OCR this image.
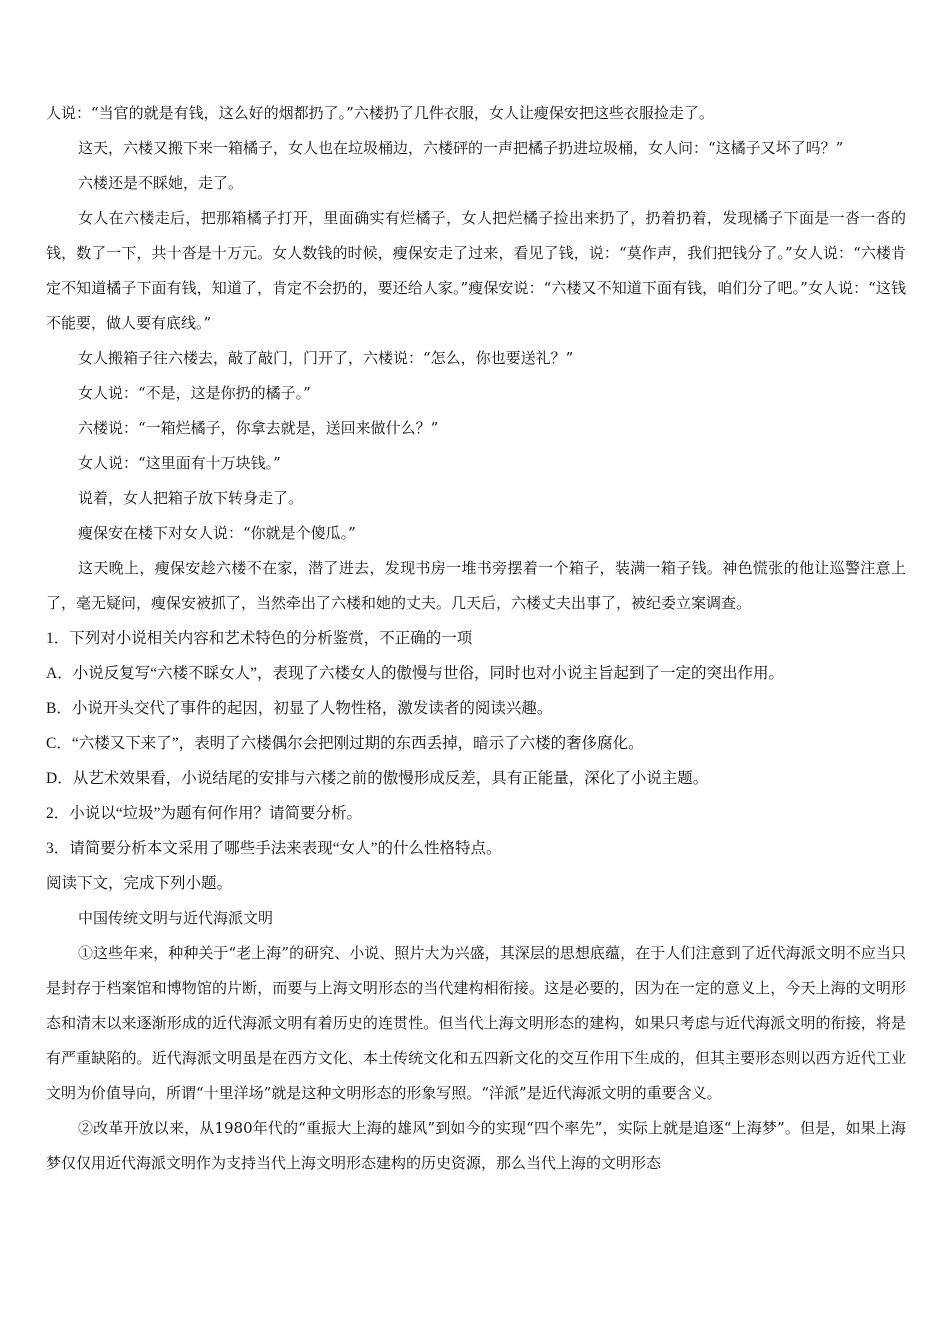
人说：“当官的就是有钱，这么好的烟都扔了。”六楼扔了几件衣服，女人让瘦保安把这些衣服捡走了。

这天，六楼又搬下来一箱橘子，女人也在垃圾桶边，六楼砰的一声把橘子扔进垃圾桶，女人问：“这橘子又坏了吗？”

六楼还是不睬她，走了。

女人在六楼走后，把那箱橘子打开，里面确实有烂橘子，女人把烂橘子捡出来扔了，扔着扔着，发现橘子下面是一沓一沓的钱，数了一下，共十沓是十万元。女人数钱的时候，瘦保安走了过来，看见了钱，说：“莫作声，我们把钱分了。”女人说：“六楼肯定不知道橘子下面有钱，知道了，肯定不会扔的，要还给人家。”瘦保安说：“六楼又不知道下面有钱，咱们分了吧。”女人说：“这钱不能要，做人要有底线。”

女人搬箱子往六楼去，敲了敲门，门开了，六楼说：“怎么，你也要送礼？”

女人说：“不是，这是你扔的橘子。”

六楼说：“一箱烂橘子，你拿去就是，送回来做什么？”

女人说：“这里面有十万块钱。”

说着，女人把箱子放下转身走了。

瘦保安在楼下对女人说：“你就是个傻瓜。”

这天晚上，瘦保安趁六楼不在家，潜了进去，发现书房一堆书旁摆着一个箱子，装满一箱子钱。神色慌张的他让巡警注意上了，毫无疑问，瘦保安被抓了，当然牵出了六楼和她的丈夫。几天后，六楼丈夫出事了，被纪委立案调查。

1．下列对小说相关内容和艺术特色的分析鉴赏，不正确的一项

A．小说反复写“六楼不睬女人”，表现了六楼女人的傲慢与世俗，同时也对小说主旨起到了一定的突出作用。

B．小说开头交代了事件的起因，初显了人物性格，激发读者的阅读兴趣。

C．“六楼又下来了”，表明了六楼偶尔会把刚过期的东西丢掉，暗示了六楼的奢侈腐化。

D．从艺术效果看，小说结尾的安排与六楼之前的傲慢形成反差，具有正能量，深化了小说主题。

2．小说以“垃圾”为题有何作用？请简要分析。

3．请简要分析本文采用了哪些手法来表现“女人”的什么性格特点。

阅读下文，完成下列小题。

中国传统文明与近代海派文明

①这些年来，种种关于“老上海”的研究、小说、照片大为兴盛，其深层的思想底蕴，在于人们注意到了近代海派文明不应当只是封存于档案馆和博物馆的片断，而要与上海文明形态的当代建构相衔接。这是必要的，因为在一定的意义上，今天上海的文明形态和清末以来逐渐形成的近代海派文明有着历史的连贯性。但当代上海文明形态的建构，如果只考虑与近代海派文明的衔接，将是有严重缺陷的。近代海派文明虽是在西方文化、本土传统文化和五四新文化的交互作用下生成的，但其主要形态则以西方近代工业文明为价值导向，所谓“十里洋场”就是这种文明形态的形象写照。“洋派”是近代海派文明的重要含义。

②改革开放以来，从1980年代的“重振大上海的雄风”到如今的实现“四个率先”，实际上就是追逐“上海梦”。但是，如果上海梦仅仅用近代海派文明作为支持当代上海文明形态建构的历史资源，那么当代上海的文明形态
